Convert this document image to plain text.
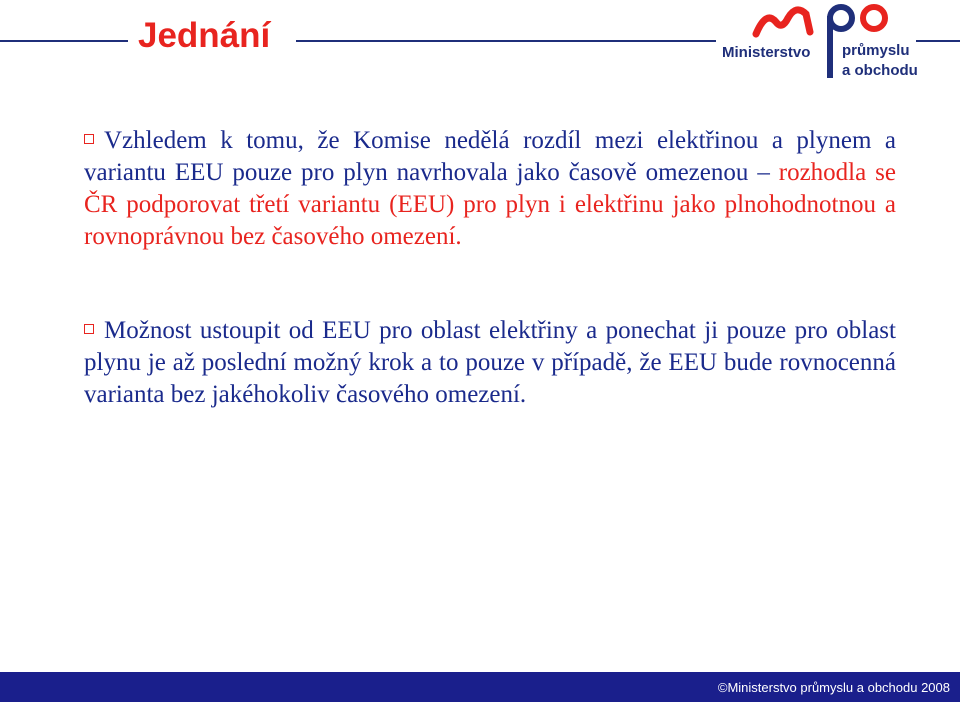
Jednání	Ministerstvo průmyslu
a obchodu
Vzhledem k tomu, že Komise nedělá rozdíl mezi elektřinou a plynem a variantu EEU pouze pro plyn navrhovala jako časově omezenou – rozhodla se ČR podporovat třetí variantu (EEU) pro plyn i elektřinu jako plnohodnotnou a rovnoprávnou bez časového omezení.
Možnost ustoupit od EEU pro oblast elektřiny a ponechat ji pouze pro oblast plynu je až poslední možný krok a to pouze v případě, že EEU bude rovnocenná varianta bez jakéhokoliv časového omezení.
©Ministerstvo průmyslu a obchodu 2008
